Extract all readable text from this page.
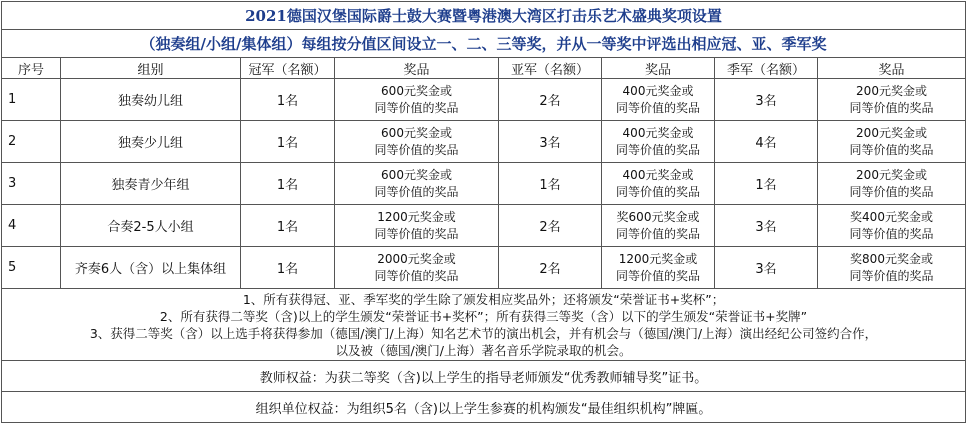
2021德国汉堡国际爵士鼓大赛暨粤港澳大湾区打击乐艺术盛典奖项设置							
（独奏组/小组/集体组）每组按分值区间设立一、二、三等奖，并从一等奖中评选出相应冠、亚、季军奖							
序号	组别	冠军（名额）	奖品	亚军（名额）	奖品	季军（名额）	奖品
1	独奏幼儿组	1名	600元奖金或
同等价值的奖品	2名	400元奖金或
同等价值的奖品	3名	200元奖金或
同等价值的奖品

2	独奏少儿组	1名	600元奖金或
同等价值的奖品	3名	400元奖金或
同等价值的奖品	4名	200元奖金或
同等价值的奖品

3	独奏青少年组	1名	600元奖金或
同等价值的奖品	1名	400元奖金或
同等价值的奖品	1名	200元奖金或
同等价值的奖品

4	合奏2-5人小组	1名	1200元奖金或
同等价值的奖品	2名	奖600元奖金或
同等价值的奖品	3名	奖400元奖金或
同等价值的奖品

5	齐奏6人（含）以上集体组	1名	2000元奖金或
同等价值的奖品	2名	1200元奖金或
同等价值的奖品	3名	奖800元奖金或
同等价值的奖品

1、所有获得冠、亚、季军奖的学生除了颁发相应奖品外；还将颁发“荣誉证书+奖杯”；
2、所有获得二等奖（含)以上的学生颁发“荣誉证书+奖杯”；所有获得三等奖（含）以下的学生颁发“荣誉证书+奖牌”
3、获得二等奖（含）以上选手将获得参加（德国/澳门/上海）知名艺术节的演出机会，并有机会与（德国/澳门/上海）演出经纪公司签约合作，
以及被（德国/澳门/上海）著名音乐学院录取的机会。							

教师权益：为获二等奖（含)以上学生的指导老师颁发“优秀教师辅导奖”证书。							
组织单位权益：为组织5名（含)以上学生参赛的机构颁发“最佳组织机构”牌匾。							
